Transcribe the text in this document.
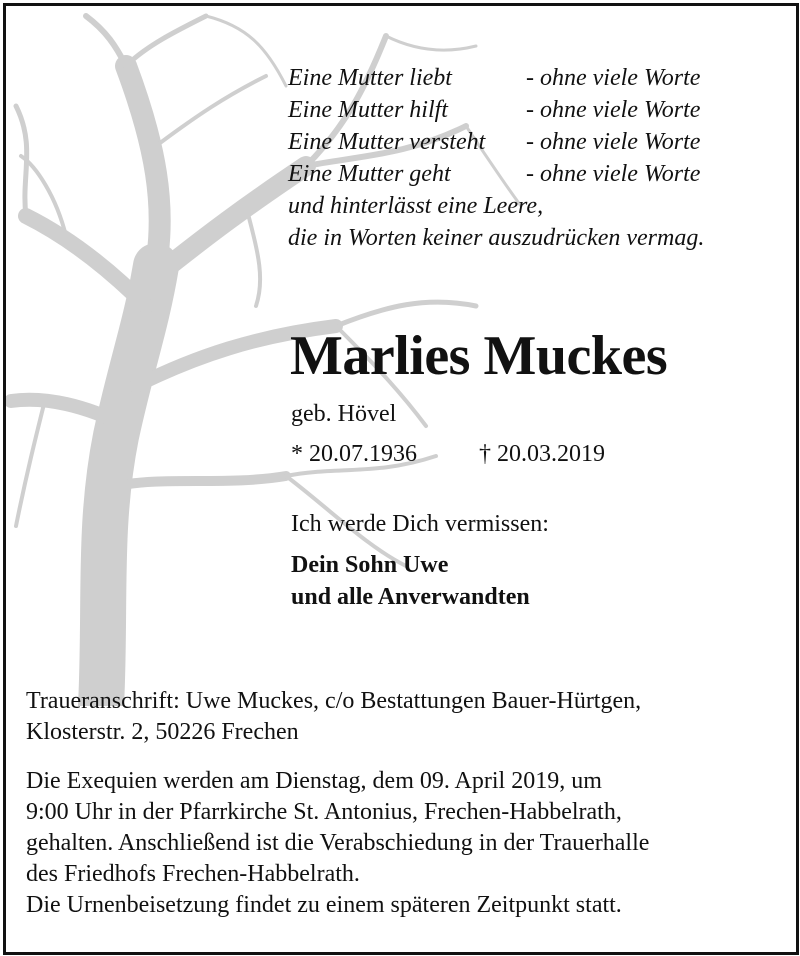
Eine Mutter liebt	- ohne viele Worte
Eine Mutter hilft	- ohne viele Worte
Eine Mutter versteht	- ohne viele Worte
Eine Mutter geht	- ohne viele Worte
und hinterlässt eine Leere,
die in Worten keiner auszudrücken vermag.
Marlies Muckes
geb. Hövel
* 20.07.1936	† 20.03.2019
Ich werde Dich vermissen:
Dein Sohn Uwe
und alle Anverwandten
Traueranschrift: Uwe Muckes, c/o Bestattungen Bauer-Hürtgen,
Klosterstr. 2, 50226 Frechen
Die Exequien werden am Dienstag, dem 09. April 2019, um
9:00 Uhr in der Pfarrkirche St. Antonius, Frechen-Habbelrath,
gehalten. Anschließend ist die Verabschiedung in der Trauerhalle
des Friedhofs Frechen-Habbelrath.
Die Urnenbeisetzung findet zu einem späteren Zeitpunkt statt.
